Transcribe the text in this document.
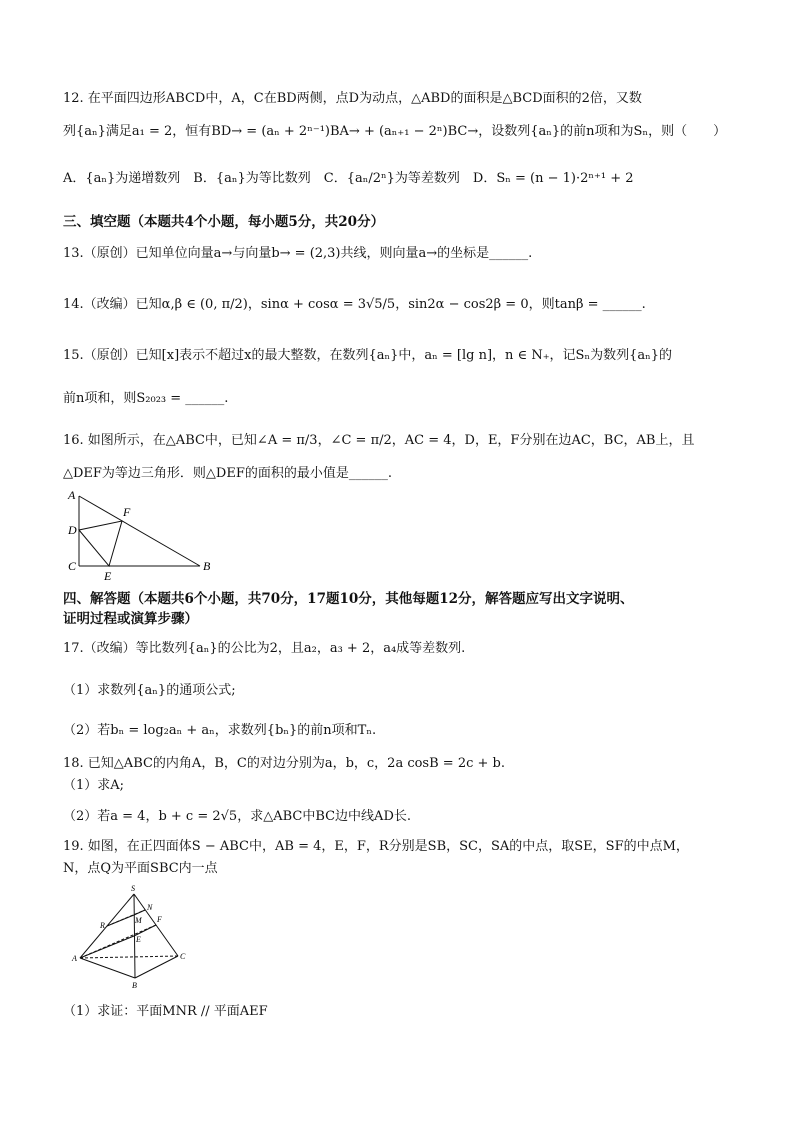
12. 在平面四边形ABCD中，A，C在BD两侧，点D为动点，△ABD的面积是△BCD面积的2倍，又数
列{aₙ}满足a₁ = 2，恒有BD→ = (aₙ + 2ⁿ⁻¹)BA→ + (aₙ₊₁ − 2ⁿ)BC→，设数列{aₙ}的前n项和为Sₙ，则（　　）
A．{aₙ}为递增数列　B．{aₙ}为等比数列　C．{aₙ/2ⁿ}为等差数列　D．Sₙ = (n − 1)·2ⁿ⁺¹ + 2
三、填空题（本题共4个小题，每小题5分，共20分）
13.（原创）已知单位向量a→与向量b→ = (2,3)共线，则向量a→的坐标是______.
14.（改编）已知α,β ∈ (0, π/2)，sinα + cosα = 3√5/5，sin2α − cos2β = 0，则tanβ = ______.
15.（原创）已知[x]表示不超过x的最大整数，在数列{aₙ}中，aₙ = [lg n]，n ∈ N₊，记Sₙ为数列{aₙ}的
前n项和，则S₂₀₂₃ = ______.
16. 如图所示，在△ABC中，已知∠A = π/3，∠C = π/2，AC = 4，D，E，F分别在边AC，BC，AB上，且
△DEF为等边三角形．则△DEF的面积的最小值是______.
A
D
C
E
F
B
四、解答题（本题共6个小题，共70分，17题10分，其他每题12分，解答题应写出文字说明、
证明过程或演算步骤）
17.（改编）等比数列{aₙ}的公比为2，且a₂，a₃ + 2，a₄成等差数列.
（1）求数列{aₙ}的通项公式;
（2）若bₙ = log₂aₙ + aₙ，求数列{bₙ}的前n项和Tₙ.
18. 已知△ABC的内角A，B，C的对边分别为a，b，c，2a cosB = 2c + b.
（1）求A;
（2）若a = 4，b + c = 2√5，求△ABC中BC边中线AD长.
19. 如图，在正四面体S − ABC中，AB = 4，E，F，R分别是SB，SC，SA的中点，取SE，SF的中点M，
N，点Q为平面SBC内一点
S
R
N
M F
E
A
B
C
（1）求证：平面MNR // 平面AEF
